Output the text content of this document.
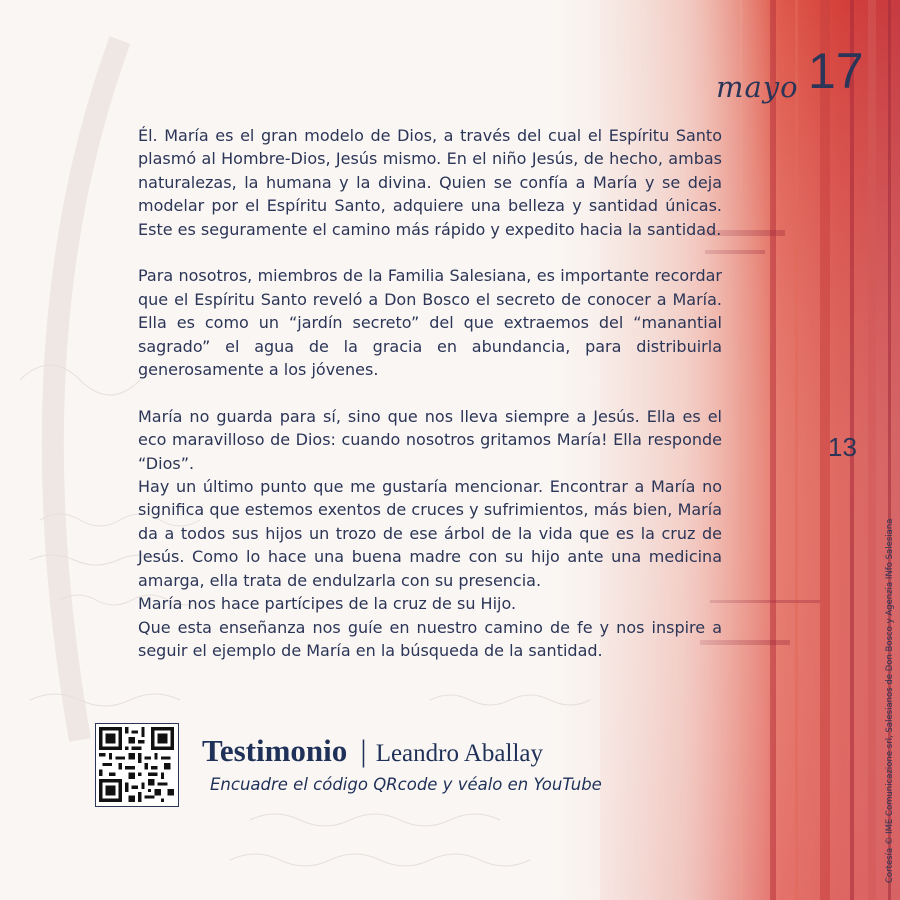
mayo 17

Él. María es el gran modelo de Dios, a través del cual el Espíritu Santo plasmó al Hombre-Dios, Jesús mismo. En el niño Jesús, de hecho, ambas naturalezas, la humana y la divina. Quien se confía a María y se deja modelar por el Espíritu Santo, adquiere una belleza y santidad únicas. Este es seguramente el camino más rápido y expedito hacia la santidad.

Para nosotros, miembros de la Familia Salesiana, es importante recordar que el Espíritu Santo reveló a Don Bosco el secreto de conocer a María. Ella es como un “jardín secreto” del que extraemos del “manantial sagrado” el agua de la gracia en abundancia, para distribuirla generosamente a los jóvenes.

María no guarda para sí, sino que nos lleva siempre a Jesús. Ella es el eco maravilloso de Dios: cuando nosotros gritamos María! Ella responde “Dios”.

Hay un último punto que me gustaría mencionar. Encontrar a María no significa que estemos exentos de cruces y sufrimientos, más bien, María da a todos sus hijos un trozo de ese árbol de la vida que es la cruz de Jesús. Como lo hace una buena madre con su hijo ante una medicina amarga, ella trata de endulzarla con su presencia.

María nos hace partícipes de la cruz de su Hijo.

Que esta enseñanza nos guíe en nuestro camino de fe y nos inspire a seguir el ejemplo de María en la búsqueda de la santidad.

13
Testimonio | Leandro Aballay
Encuadre el código QRcode y véalo en YouTube	Cortesía © IME Comunicazione srl, Salesianos de Don Bosco y Agenzia INfo Salesiana
